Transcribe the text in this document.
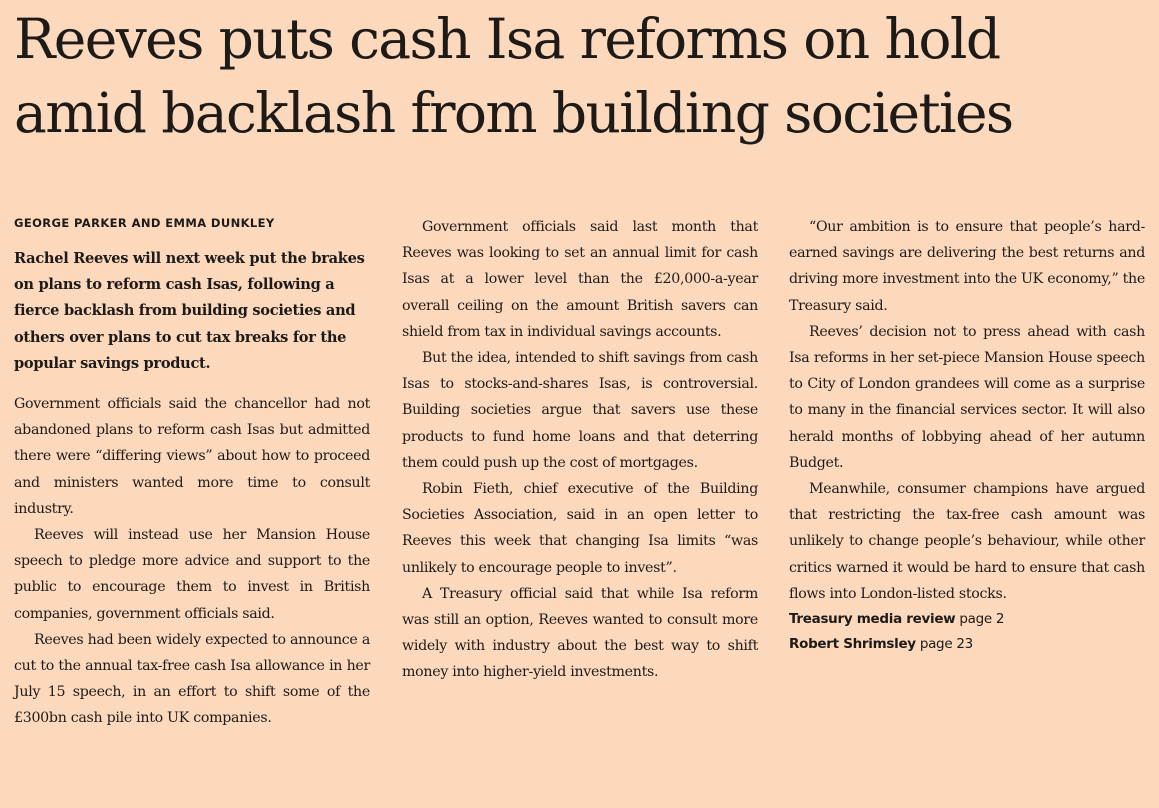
Reeves puts cash Isa reforms on hold
amid backlash from building societies
GEORGE PARKER AND EMMA DUNKLEY
Rachel Reeves will next week put the brakes on plans to reform cash Isas, following a fierce backlash from building societies and others over plans to cut tax breaks for the popular savings product.

Government officials said the chancellor had not abandoned plans to reform cash Isas but admitted there were “differing views” about how to proceed and ministers wanted more time to consult industry.

Reeves will instead use her Mansion House speech to pledge more advice and support to the public to encourage them to invest in British companies, government officials said.

Reeves had been widely expected to announce a cut to the annual tax-free cash Isa allowance in her July 15 speech, in an effort to shift some of the £300bn cash pile into UK companies.

Government officials said last month that Reeves was looking to set an annual limit for cash Isas at a lower level than the £20,000-a-year overall ceiling on the amount British savers can shield from tax in individual savings accounts.

But the idea, intended to shift savings from cash Isas to stocks-and-shares Isas, is controversial. Building societies argue that savers use these products to fund home loans and that deterring them could push up the cost of mortgages.

Robin Fieth, chief executive of the Building Societies Association, said in an open letter to Reeves this week that changing Isa limits “was unlikely to encourage people to invest”.

A Treasury official said that while Isa reform was still an option, Reeves wanted to consult more widely with industry about the best way to shift money into higher-yield investments.

“Our ambition is to ensure that people’s hard-earned savings are delivering the best returns and driving more investment into the UK economy,” the Treasury said.

Reeves’ decision not to press ahead with cash Isa reforms in her set-piece Mansion House speech to City of London grandees will come as a surprise to many in the financial services sector. It will also herald months of lobbying ahead of her autumn Budget.

Meanwhile, consumer champions have argued that restricting the tax-free cash amount was unlikely to change people’s behaviour, while other critics warned it would be hard to ensure that cash flows into London-listed stocks.

Treasury media review page 2
Robert Shrimsley page 23
